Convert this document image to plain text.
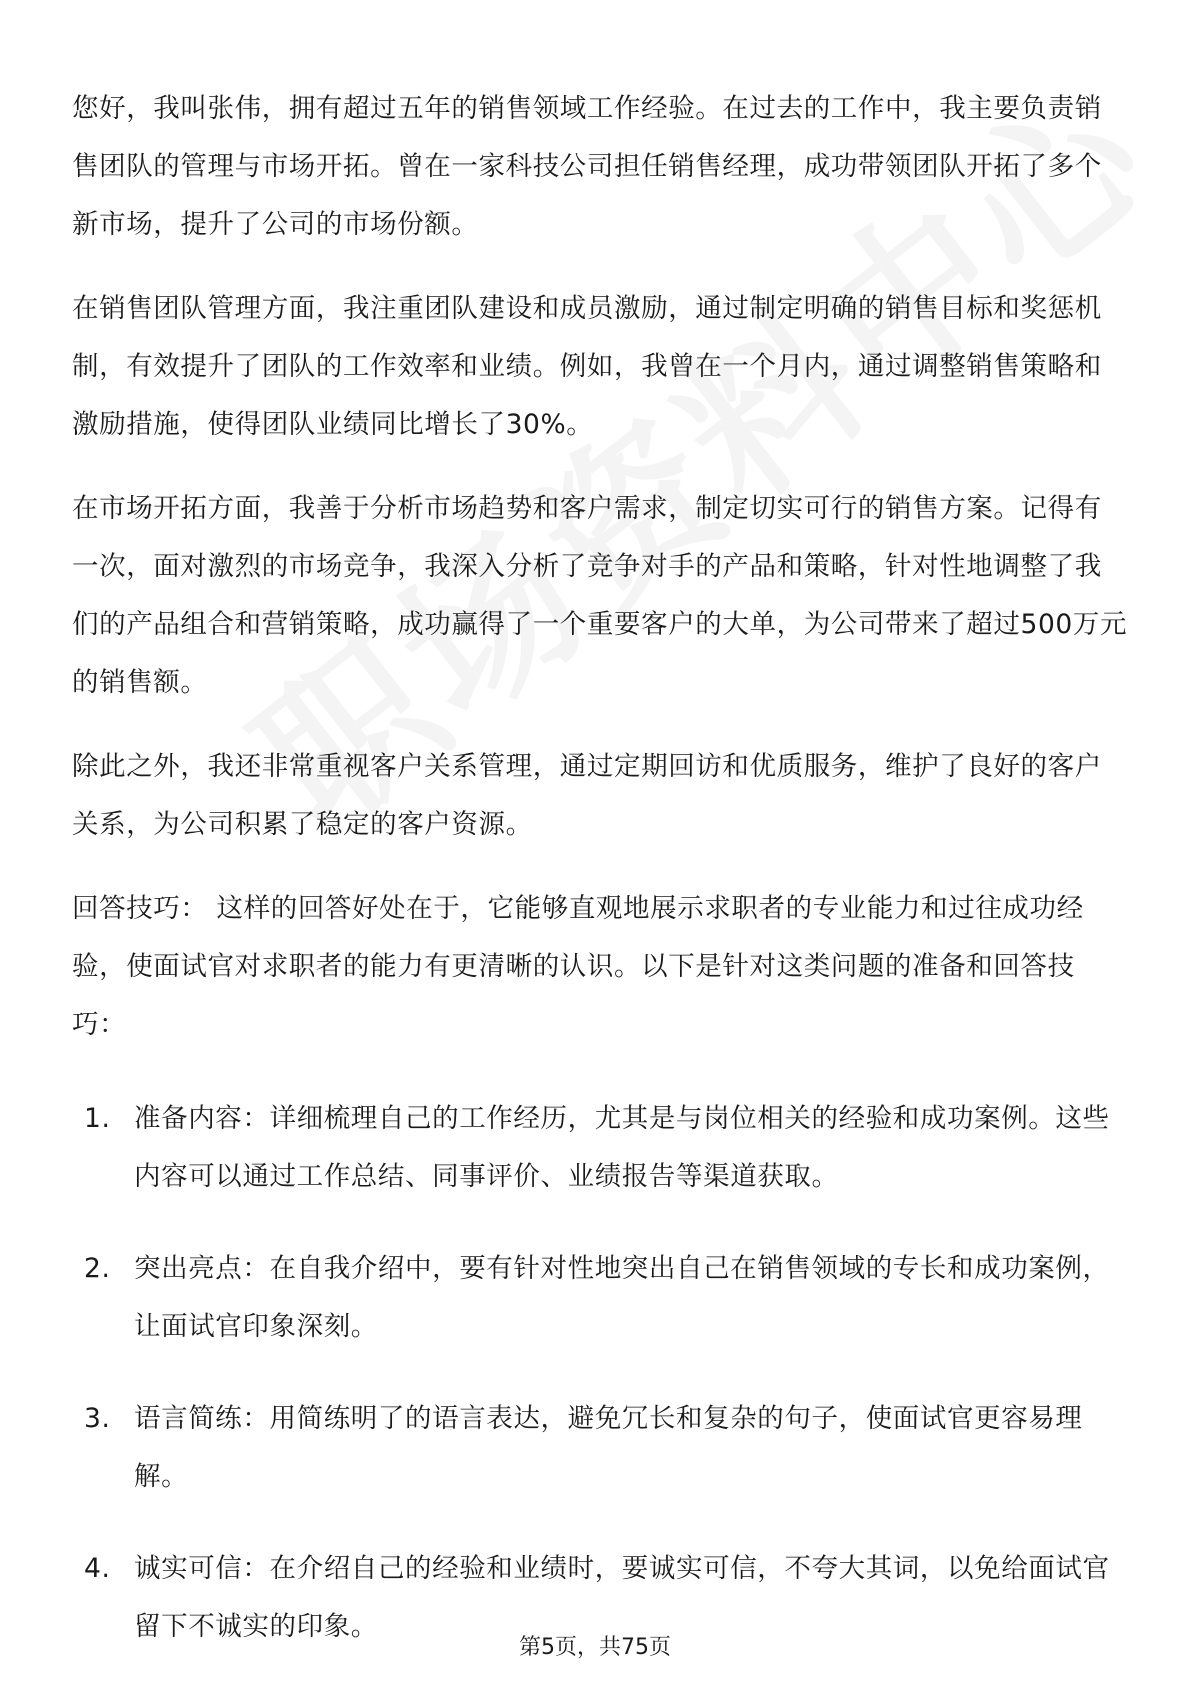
您好，我叫张伟，拥有超过五年的销售领域工作经验。在过去的工作中，我主要负责销售团队的管理与市场开拓。曾在一家科技公司担任销售经理，成功带领团队开拓了多个新市场，提升了公司的市场份额。

在销售团队管理方面，我注重团队建设和成员激励，通过制定明确的销售目标和奖惩机制，有效提升了团队的工作效率和业绩。例如，我曾在一个月内，通过调整销售策略和激励措施，使得团队业绩同比增长了30%。

在市场开拓方面，我善于分析市场趋势和客户需求，制定切实可行的销售方案。记得有一次，面对激烈的市场竞争，我深入分析了竞争对手的产品和策略，针对性地调整了我们的产品组合和营销策略，成功赢得了一个重要客户的大单，为公司带来了超过500万元的销售额。

除此之外，我还非常重视客户关系管理，通过定期回访和优质服务，维护了良好的客户关系，为公司积累了稳定的客户资源。

回答技巧： 这样的回答好处在于，它能够直观地展示求职者的专业能力和过往成功经验，使面试官对求职者的能力有更清晰的认识。以下是针对这类问题的准备和回答技巧：

1. 准备内容：详细梳理自己的工作经历，尤其是与岗位相关的经验和成功案例。这些内容可以通过工作总结、同事评价、业绩报告等渠道获取。
2. 突出亮点：在自我介绍中，要有针对性地突出自己在销售领域的专长和成功案例，让面试官印象深刻。
3. 语言简练：用简练明了的语言表达，避免冗长和复杂的句子，使面试官更容易理解。
4. 诚实可信：在介绍自己的经验和业绩时，要诚实可信，不夸大其词，以免给面试官留下不诚实的印象。
第5页，共75页
